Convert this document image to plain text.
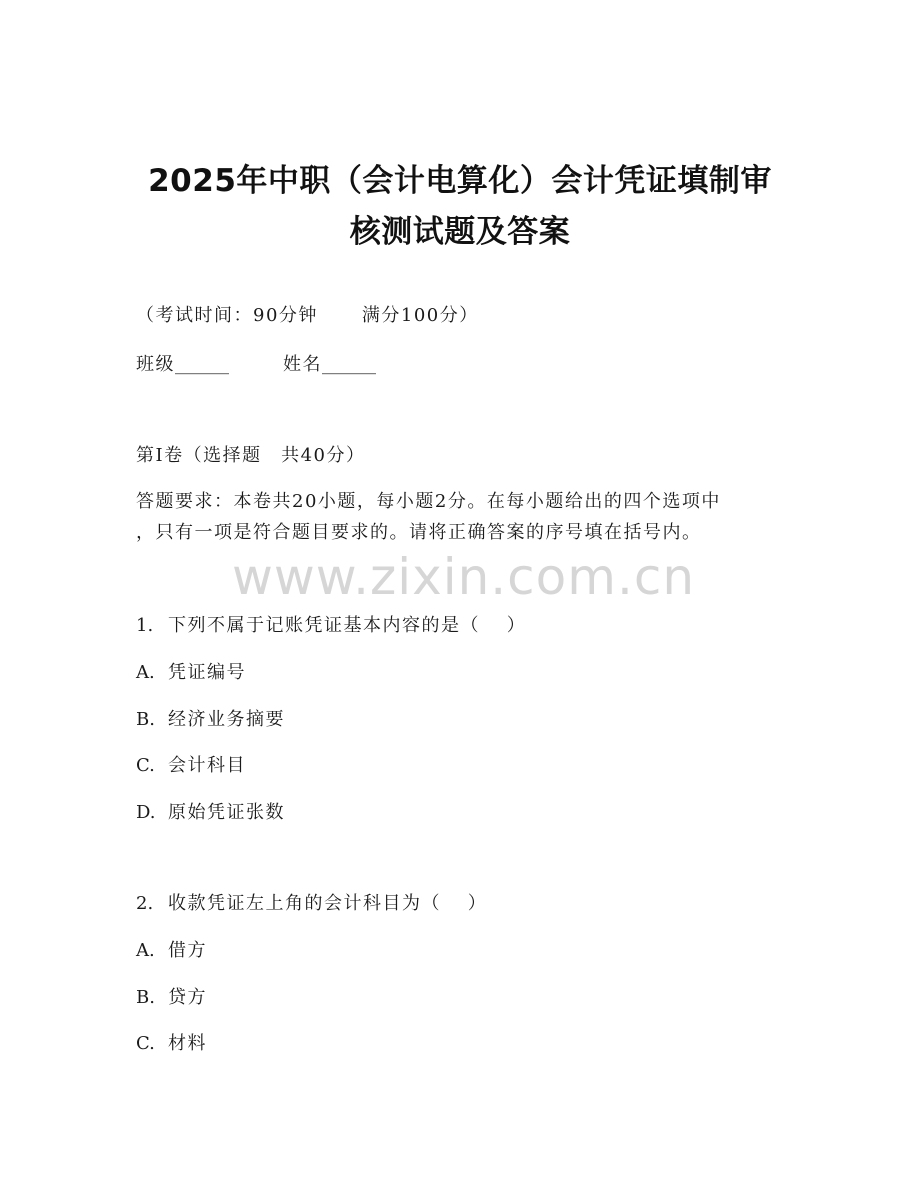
2025年中职（会计电算化）会计凭证填制审
核测试题及答案
（考试时间：90分钟 满分100分）
班级______	姓名______
第I卷（选择题　共40分）
答题要求：本卷共20小题，每小题2分。在每小题给出的四个选项中
，只有一项是符合题目要求的。请将正确答案的序号填在括号内。
www.zixin.com.cn
1. 下列不属于记账凭证基本内容的是（　 ）
A. 凭证编号
B. 经济业务摘要
C. 会计科目
D. 原始凭证张数
2. 收款凭证左上角的会计科目为（　 ）
A. 借方
B. 贷方
C. 材料
